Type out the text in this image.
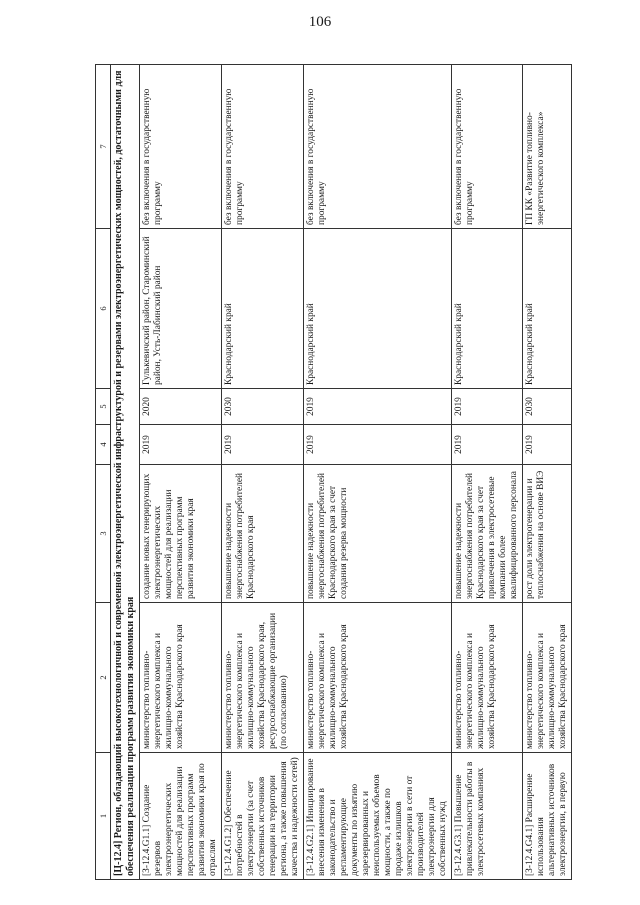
106
1	2	3	4	5	6	7
[Ц-12.4] Регион, обладающий высокотехнологичной и современной электроэнергетической инфраструктурой и резервами электроэнергетических мощностей, достаточными для обеспечения реализации программ развития экономики края						
[З-12.4.G1.1] Создание резервов электроэнергетических мощностей для реализации перспективных программ развития экономики края по отраслям	министерство топливно-энергетического комплекса и жилищно-коммунального хозяйства Краснодарского края	создание новых генерирующих электроэнергетических мощностей для реализации перспективных программ развития экономики края	2019	2020	Гулькевичский район, Староминский район, Усть-Лабинский район	без включения в государственную программу
[З-12.4.G1.2] Обеспечение потребностей в электроэнергии (за счет собственных источников генерации на территории региона, а также повышения качества и надежности сетей)	министерство топливно-энергетического комплекса и жилищно-коммунального хозяйства Краснодарского края, ресурсоснабжающие организации (по согласованию)	повышение надежности энергоснабжения потребителей Краснодарского края	2019	2030	Краснодарский край	без включения в государственную программу
[З-12.4.G2.1] Инициирование внесения изменения в законодательство и регламентирующие документы по изъятию зарезервированных и неиспользуемых объемов мощности, а также по продаже излишков электроэнергии в сети от производителей электроэнергии для собственных нужд	министерство топливно-энергетического комплекса и жилищно-коммунального хозяйства Краснодарского края	повышение надежности энергоснабжения потребителей Краснодарского края за счет создания резерва мощности	2019	2019	Краснодарский край	без включения в государственную программу
[З-12.4.G3.1] Повышение привлекательности работы в электросетевых компаниях	министерство топливно-энергетического комплекса и жилищно-коммунального хозяйства Краснодарского края	повышение надежности энергоснабжения потребителей Краснодарского края за счет привлечения в электросетевые компании более квалифицированного персонала	2019	2019	Краснодарский край	без включения в государственную программу
[З-12.4.G4.1] Расширение использования альтернативных источников электроэнергии, в первую	министерство топливно-энергетического комплекса и жилищно-коммунального хозяйства Краснодарского края	рост доли электрогенерации и теплоснабжения на основе ВИЭ	2019	2030	Краснодарский край	ГП КК «Развитие топливно-энергетического комплекса»
